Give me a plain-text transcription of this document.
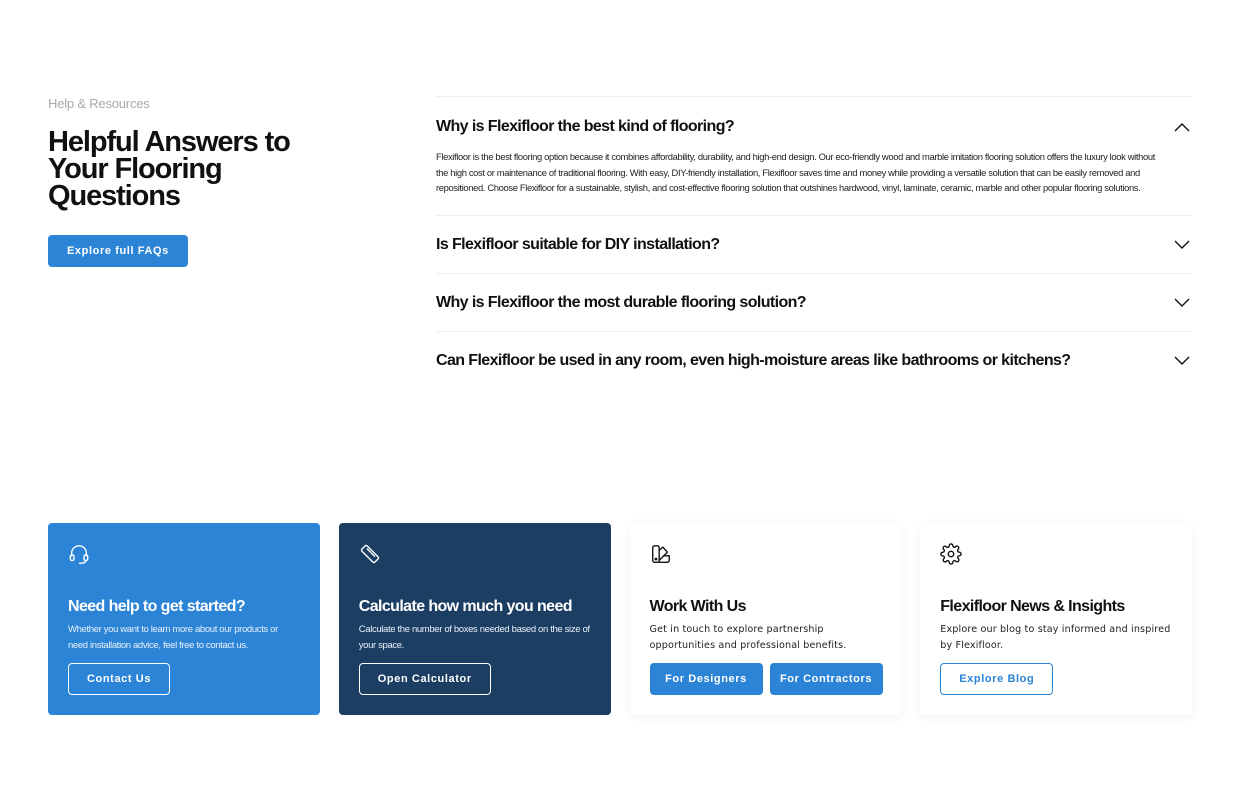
Help & Resources
Helpful Answers to Your Flooring Questions
Explore full FAQs
Why is Flexifloor the best kind of flooring?

Flexifloor is the best flooring option because it combines affordability, durability, and high-end design. Our eco-friendly wood and marble imitation flooring solution offers the luxury look without the high cost or maintenance of traditional flooring. With easy, DIY-friendly installation, Flexifloor saves time and money while providing a versatile solution that can be easily removed and repositioned. Choose Flexifloor for a sustainable, stylish, and cost-effective flooring solution that outshines hardwood, vinyl, laminate, ceramic, marble and other popular flooring solutions.

Is Flexifloor suitable for DIY installation?
Why is Flexifloor the most durable flooring solution?
Can Flexifloor be used in any room, even high-moisture areas like bathrooms or kitchens?
Need help to get started?
Whether you want to learn more about our products or need installation advice, feel free to contact us.
Contact Us
Calculate how much you need
Calculate the number of boxes needed based on the size of your space.
Open Calculator
Work With Us
Get in touch to explore partnership opportunities and professional benefits.
For Designers	For Contractors
Flexifloor News & Insights
Explore our blog to stay informed and inspired by Flexifloor.
Explore Blog
